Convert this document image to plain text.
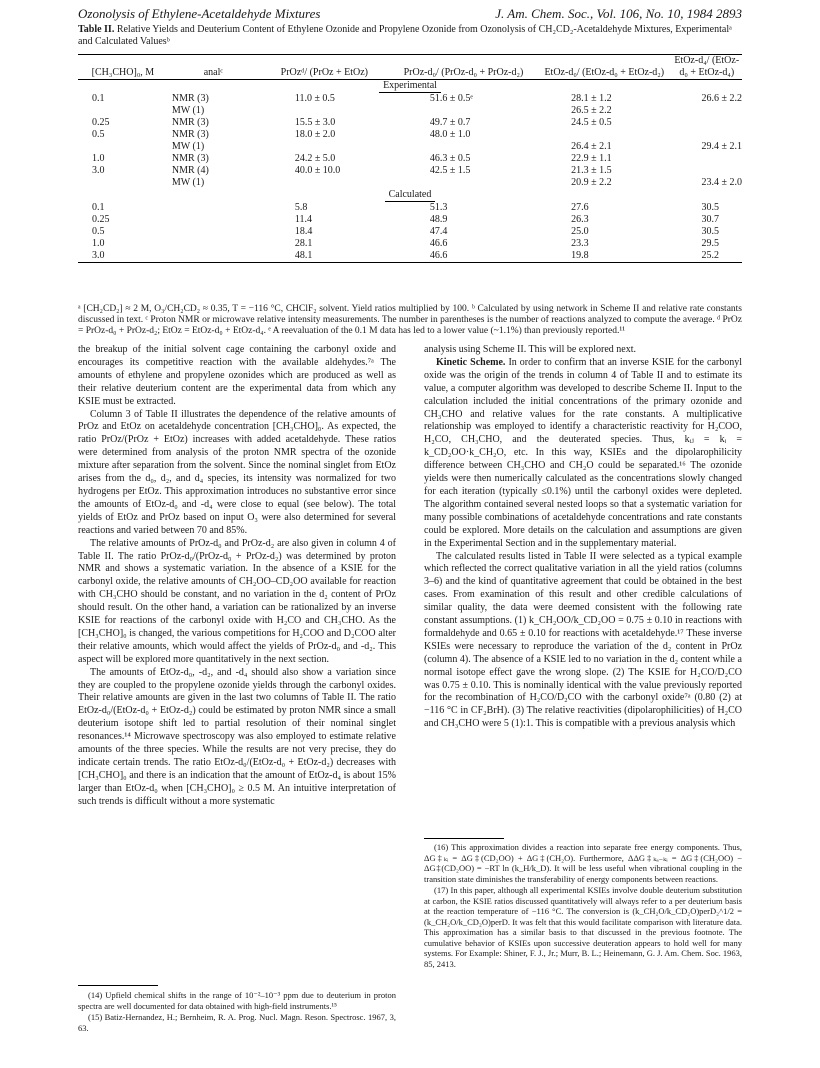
Ozonolysis of Ethylene-Acetaldehyde Mixtures	J. Am. Chem. Soc., Vol. 106, No. 10, 1984 2893
Table II. Relative Yields and Deuterium Content of Ethylene Ozonide and Propylene Ozonide from Ozonolysis of CH₂CD₂-Acetaldehyde Mixtures, Experimentalᵃ and Calculated Valuesᵇ
[CH₃CHO]₀, M	analᶜ	PrOzᵈ/ (PrOz + EtOz)	PrOz-d₀/ (PrOz-d₀ + PrOz-d₂)	EtOz-d₀/ (EtOz-d₀ + EtOz-d₂)	EtOz-d₄/ (EtOz-d₀ + EtOz-d₄)
Experimental					
0.1	NMR (3)	11.0 ± 0.5	51.6 ± 0.5ᵉ	28.1 ± 1.2	26.6 ± 2.2
	MW (1)			26.5 ± 2.2	
0.25	NMR (3)	15.5 ± 3.0	49.7 ± 0.7	24.5 ± 0.5	
0.5	NMR (3)	18.0 ± 2.0	48.0 ± 1.0		
	MW (1)			26.4 ± 2.1	29.4 ± 2.1
1.0	NMR (3)	24.2 ± 5.0	46.3 ± 0.5	22.9 ± 1.1	
3.0	NMR (4)	40.0 ± 10.0	42.5 ± 1.5	21.3 ± 1.5	
	MW (1)			20.9 ± 2.2	23.4 ± 2.0
Calculated					
0.1		5.8	51.3	27.6	30.5
0.25		11.4	48.9	26.3	30.7
0.5		18.4	47.4	25.0	30.5
1.0		28.1	46.6	23.3	29.5
3.0		48.1	46.6	19.8	25.2
ᵃ [CH₂CD₂] ≈ 2 M, O₃/CH₂CD₂ ≈ 0.35, T = −116 °C, CHClF₂ solvent. Yield ratios multiplied by 100. ᵇ Calculated by using network in Scheme II and relative rate constants discussed in text. ᶜ Proton NMR or microwave relative intensity measurements. The number in parentheses is the number of reactions analyzed to compute the average. ᵈ PrOz = PrOz-d₀ + PrOz-d₂; EtOz = EtOz-d₀ + EtOz-d₄. ᵉ A reevaluation of the 0.1 M data has led to a lower value (~1.1%) than previously reported.¹¹

the breakup of the initial solvent cage containing the carbonyl oxide and encourages its competitive reaction with the available aldehydes.⁷ᵃ The amounts of ethylene and propylene ozonides which are produced as well as their relative deuterium content are the experimental data from which any KSIE must be extracted.

Column 3 of Table II illustrates the dependence of the relative amounts of PrOz and EtOz on acetaldehyde concentration [CH₃CHO]₀. As expected, the ratio PrOz/(PrOz + EtOz) increases with added acetaldehyde. These ratios were determined from analysis of the proton NMR spectra of the ozonide mixture after separation from the solvent. Since the nominal singlet from EtOz arises from the d₀, d₂, and d₄ species, its intensity was normalized for two hydrogens per EtOz. This approximation introduces no substantive error since the amounts of EtOz-d₀ and -d₄ were close to equal (see below). The total yields of EtOz and PrOz based on input O₃ were also determined for several reactions and varied between 70 and 85%.

The relative amounts of PrOz-d₀ and PrOz-d₂ are also given in column 4 of Table II. The ratio PrOz-d₀/(PrOz-d₀ + PrOz-d₂) was determined by proton NMR and shows a systematic variation. In the absence of a KSIE for the carbonyl oxide, the relative amounts of CH₂OO–CD₂OO available for reaction with CH₃CHO should be constant, and no variation in the d₂ content of PrOz should result. On the other hand, a variation can be rationalized by an inverse KSIE for reactions of the carbonyl oxide with H₂CO and CH₃CHO. As the [CH₃CHO]₀ is changed, the various competitions for H₂COO and D₂COO alter their relative amounts, which would affect the yields of PrOz-d₀ and -d₂. This aspect will be explored more quantitatively in the next section.

The amounts of EtOz-d₀, -d₂, and -d₄ should also show a variation since they are coupled to the propylene ozonide yields through the carbonyl oxides. Their relative amounts are given in the last two columns of Table II. The ratio EtOz-d₀/(EtOz-d₀ + EtOz-d₂) could be estimated by proton NMR since a small deuterium isotope shift led to partial resolution of their nominal singlet resonances.¹⁴ Microwave spectroscopy was also employed to estimate relative amounts of the three species. While the results are not very precise, they do indicate certain trends. The ratio EtOz-d₀/(EtOz-d₀ + EtOz-d₂) decreases with [CH₃CHO]₀ and there is an indication that the amount of EtOz-d₄ is about 15% larger than EtOz-d₀ when [CH₃CHO]₀ ≥ 0.5 M. An intuitive interpretation of such trends is difficult without a more systematic

(14) Upfield chemical shifts in the range of 10⁻²–10⁻³ ppm due to deuterium in proton spectra are well documented for data obtained with high-field instruments.¹⁵

(15) Batiz-Hernandez, H.; Bernheim, R. A. Prog. Nucl. Magn. Reson. Spectrosc. 1967, 3, 63.

analysis using Scheme II. This will be explored next.

Kinetic Scheme. In order to confirm that an inverse KSIE for the carbonyl oxide was the origin of the trends in column 4 of Table II and to estimate its value, a computer algorithm was developed to describe Scheme II. Input to the calculation included the initial concentrations of the primary ozonide and CH₃CHO and relative values for the rate constants. A multiplicative relationship was employed to identify a characteristic reactivity for H₂COO, H₂CO, CH₃CHO, and the deuterated species. Thus, kᵢⱼ = kᵢ = k_CD₂OO·k_CH₂O, etc. In this way, KSIEs and the dipolarophilicity difference between CH₃CHO and CH₂O could be separated.¹⁶ The ozonide yields were then numerically calculated as the concentrations slowly changed for each iteration (typically ≤0.1%) until the carbonyl oxides were depleted. The algorithm contained several nested loops so that a systematic variation for many possible combinations of acetaldehyde concentrations and rate constants could be explored. More details on the calculation and assumptions are given in the Experimental Section and in the supplementary material.

The calculated results listed in Table II were selected as a typical example which reflected the correct qualitative variation in all the yield ratios (columns 3–6) and the kind of quantitative agreement that could be obtained in the best cases. From examination of this result and other credible calculations of similar quality, the data were deemed consistent with the following rate constant assumptions. (1) k_CH₂OO/k_CD₂OO = 0.75 ± 0.10 in reactions with formaldehyde and 0.65 ± 0.10 for reactions with acetaldehyde.¹⁷ These inverse KSIEs were necessary to reproduce the variation of the d₂ content in PrOz (column 4). The absence of a KSIE led to no variation in the d₂ content while a normal isotope effect gave the wrong slope. (2) The KSIE for H₂CO/D₂CO was 0.75 ± 0.10. This is nominally identical with the value previously reported for the recombination of H₂CO/D₂CO with the carbonyl oxide⁷ᵃ (0.80 (2) at −116 °C in CF₂BrH). (3) The relative reactivities (dipolarophilicities) of H₂CO and CH₃CHO were 5 (1):1. This is compatible with a previous analysis which

(16) This approximation divides a reaction into separate free energy components. Thus, ΔG‡ₖᵢ = ΔG‡(CD₂OO) + ΔG‡(CH₂O). Furthermore, ΔΔG‡ₖₐ₋ₖᵢ = ΔG‡(CH₂OO) − ΔG‡(CD₂OO) = −RT ln (k_H/k_D). It will be less useful when vibrational coupling in the transition state diminishes the transferability of energy components between reactions.

(17) In this paper, although all experimental KSIEs involve double deuterium substitution at carbon, the KSIE ratios discussed quantitatively will always refer to a per deuterium basis at the reaction temperature of −116 °C. The conversion is (k_CH₂O/k_CD₂O)perD₂^1/2 = (k_CH₂O/k_CD₂O)perD. It was felt that this would facilitate comparison with literature data. This approximation has a similar basis to that discussed in the previous footnote. The cumulative behavior of KSIEs upon successive deuteration appears to hold well for many systems. For Example: Shiner, F. J., Jr.; Murr, B. L.; Heinemann, G. J. Am. Chem. Soc. 1963, 85, 2413.
